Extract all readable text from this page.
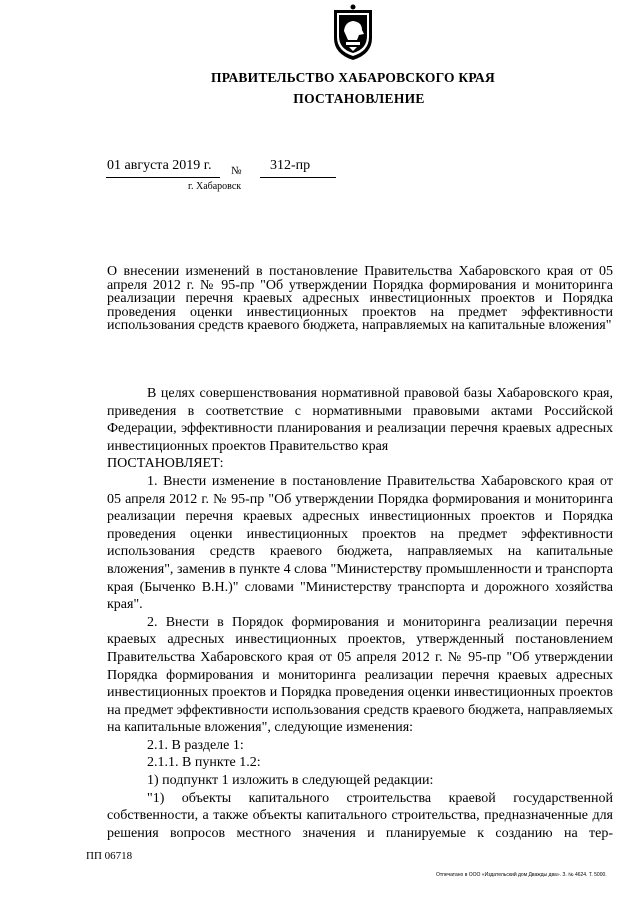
ПРАВИТЕЛЬСТВО ХАБАРОВСКОГО КРАЯ
ПОСТАНОВЛЕНИЕ
01 августа 2019 г. № 312-пр
г. Хабаровск
О внесении изменений в постановление Правительства Хабаровского края от 05 апреля 2012 г. № 95-пр "Об утверждении Порядка формирования и мониторинга реализации перечня краевых адресных инвестиционных проектов и Порядка проведения оценки инвестиционных проектов на предмет эффективности использования средств краевого бюджета, направляемых на капитальные вложения"

В целях совершенствования нормативной правовой базы Хабаровского края, приведения в соответствие с нормативными правовыми актами Российской Федерации, эффективности планирования и реализации перечня краевых адресных инвестиционных проектов Правительство края

ПОСТАНОВЛЯЕТ:

1. Внести изменение в постановление Правительства Хабаровского края от 05 апреля 2012 г. № 95-пр "Об утверждении Порядка формирования и мониторинга реализации перечня краевых адресных инвестиционных проектов и Порядка проведения оценки инвестиционных проектов на предмет эффективности использования средств краевого бюджета, направляемых на капитальные вложения", заменив в пункте 4 слова "Министерству промышленности и транспорта края (Быченко В.Н.)" словами "Министерству транспорта и дорожного хозяйства края".

2. Внести в Порядок формирования и мониторинга реализации перечня краевых адресных инвестиционных проектов, утвержденный постановлением Правительства Хабаровского края от 05 апреля 2012 г. № 95-пр "Об утверждении Порядка формирования и мониторинга реализации перечня краевых адресных инвестиционных проектов и Порядка проведения оценки инвестиционных проектов на предмет эффективности использования средств краевого бюджета, направляемых на капитальные вложения", следующие изменения:

2.1. В разделе 1:

2.1.1. В пункте 1.2:

1) подпункт 1 изложить в следующей редакции:

"1) объекты капитального строительства краевой государственной собственности, а также объекты капитального строительства, предназначенные для решения вопросов местного значения и планируемые к созданию на тер-

ПП 06718
Отпечатано в ООО «Издательский дом Дважды два». З. № 4624. Т. 5000.
